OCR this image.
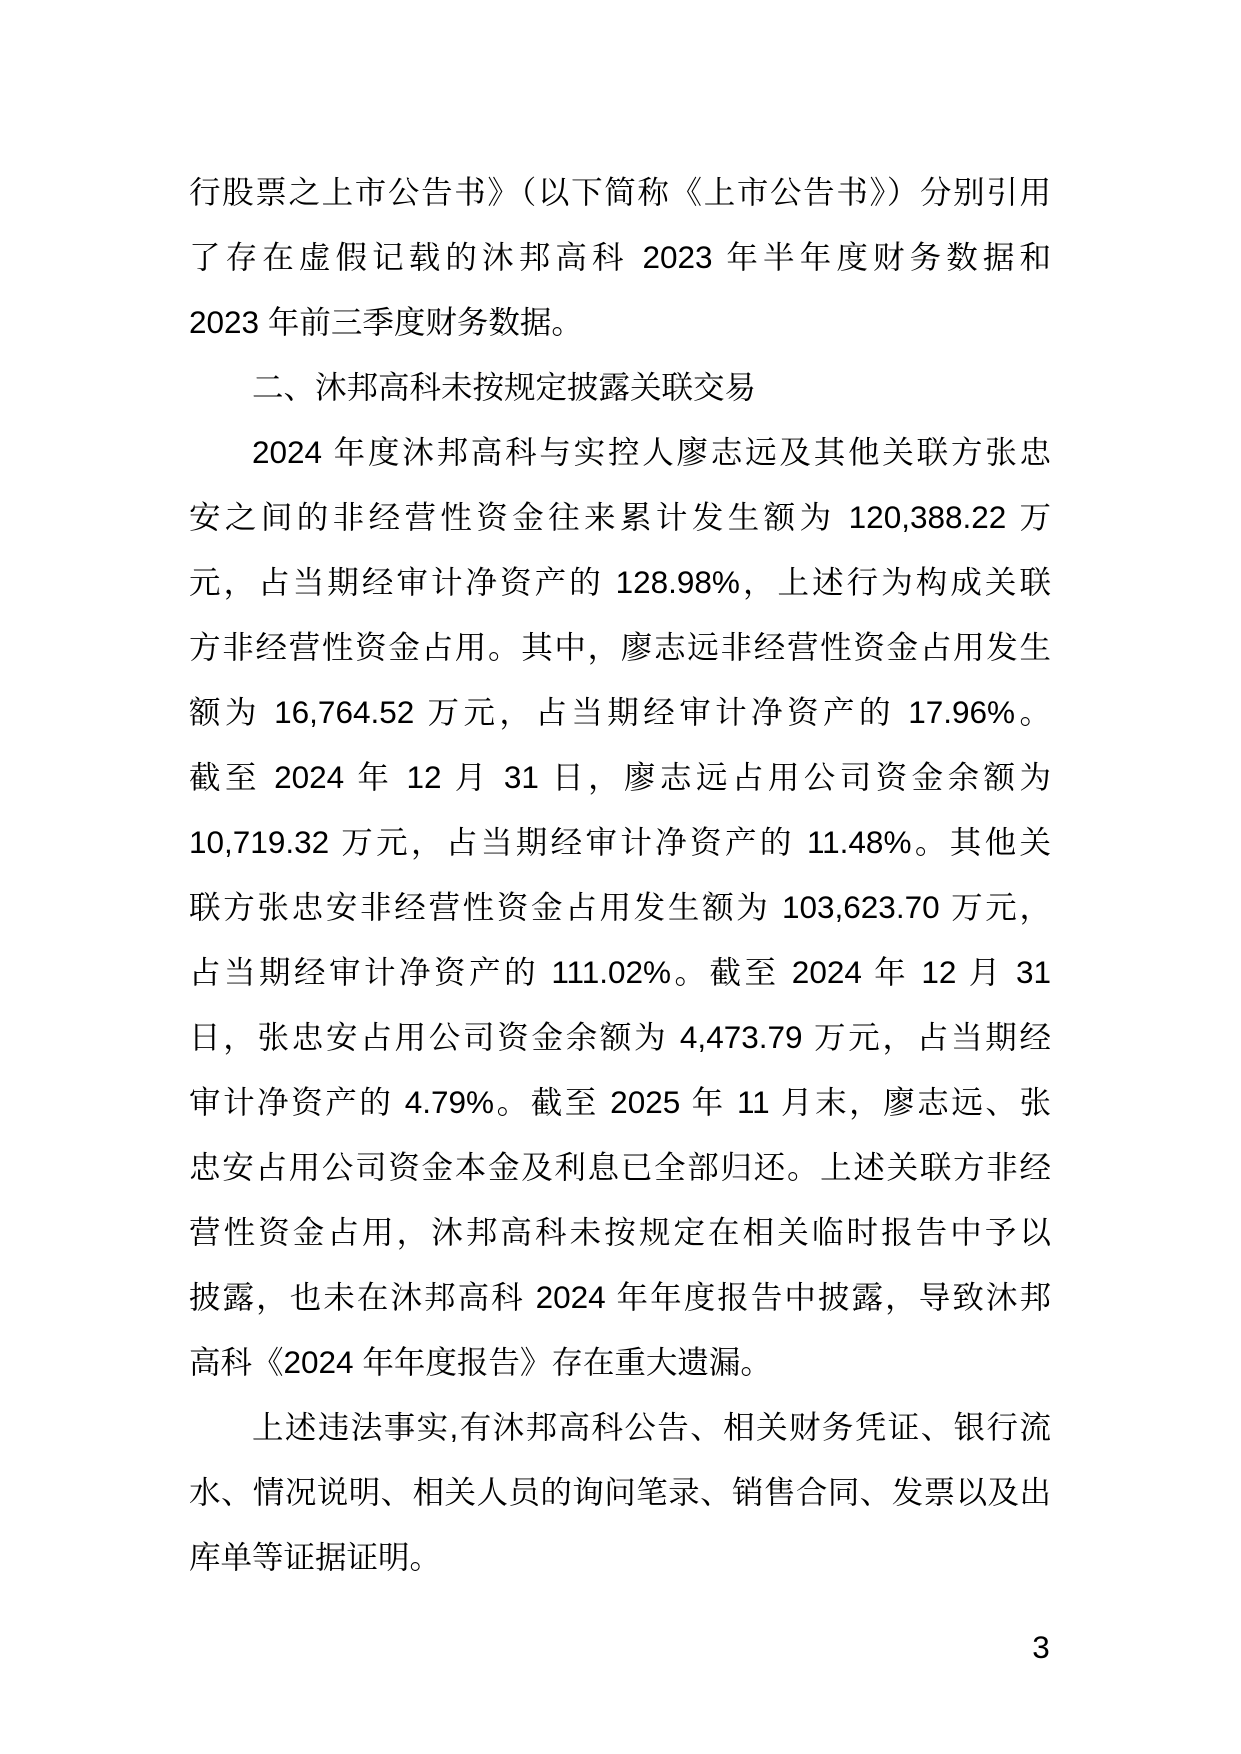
行股票之上市公告书》（以下简称《上市公告书》）分别引用
了存在虚假记载的沐邦高科 2023 年半年度财务数据和
2023 年前三季度财务数据。
二、沐邦高科未按规定披露关联交易
2024 年度沐邦高科与实控人廖志远及其他关联方张忠
安之间的非经营性资金往来累计发生额为 120,388.22 万
元，占当期经审计净资产的 128.98%，上述行为构成关联
方非经营性资金占用。其中，廖志远非经营性资金占用发生
额为 16,764.52 万元，占当期经审计净资产的 17.96%。
截至 2024 年 12 月 31 日，廖志远占用公司资金余额为
10,719.32 万元，占当期经审计净资产的 11.48%。其他关
联方张忠安非经营性资金占用发生额为 103,623.70 万元，
占当期经审计净资产的 111.02%。截至 2024 年 12 月 31
日，张忠安占用公司资金余额为 4,473.79 万元，占当期经
审计净资产的 4.79%。截至 2025 年 11 月末，廖志远、张
忠安占用公司资金本金及利息已全部归还。上述关联方非经
营性资金占用，沐邦高科未按规定在相关临时报告中予以
披露，也未在沐邦高科 2024 年年度报告中披露，导致沐邦
高科《2024 年年度报告》存在重大遗漏。
上述违法事实,有沐邦高科公告、相关财务凭证、银行流
水、情况说明、相关人员的询问笔录、销售合同、发票以及出
库单等证据证明。
3
